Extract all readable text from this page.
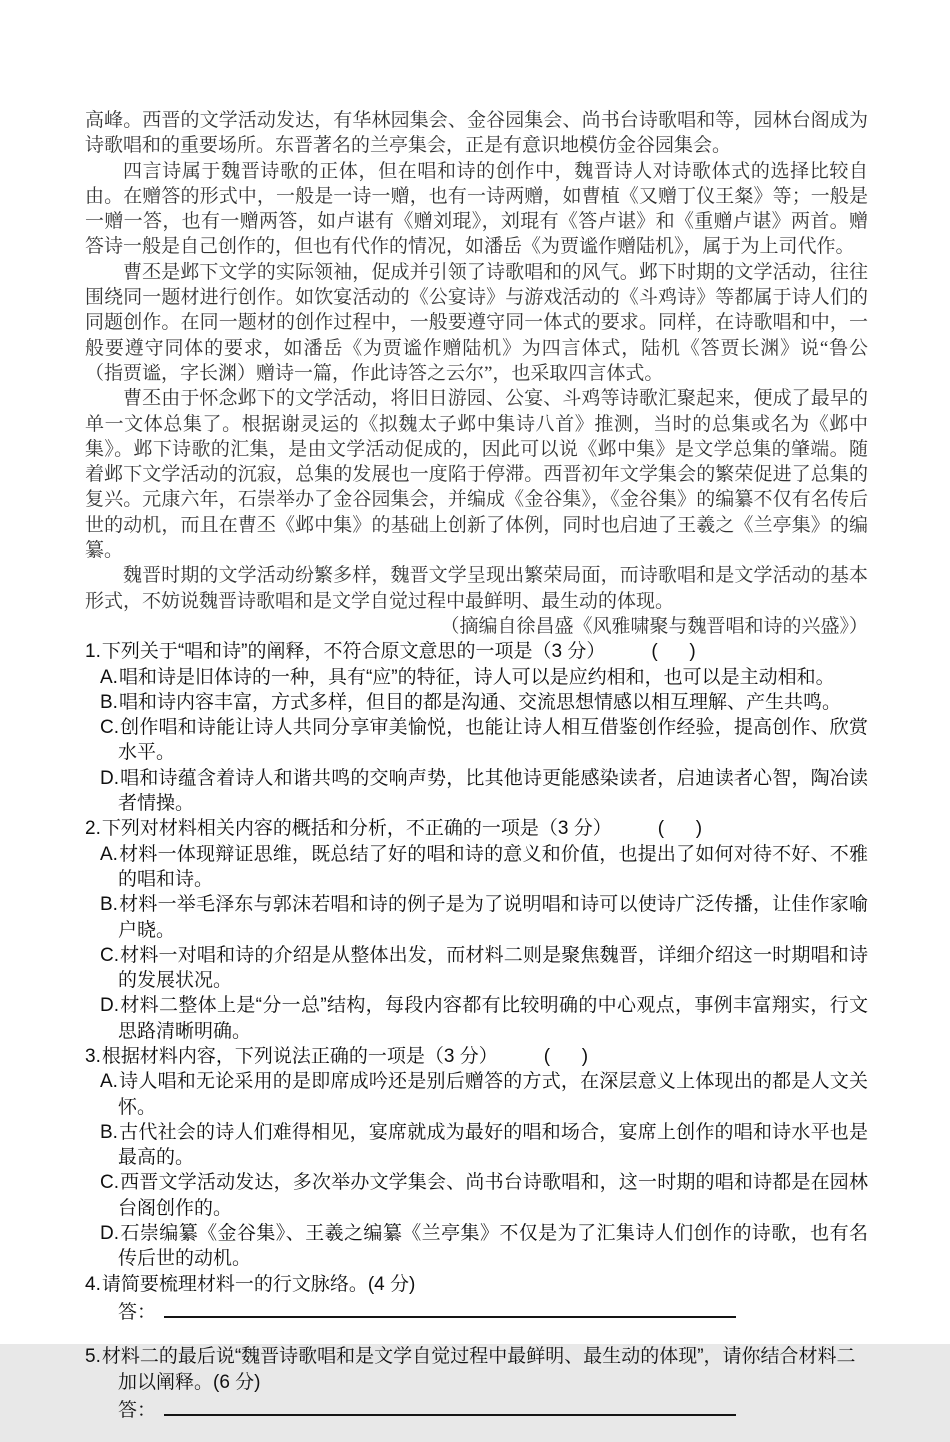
高峰。西晋的文学活动发达，有华林园集会、金谷园集会、尚书台诗歌唱和等，园林台阁成为诗歌唱和的重要场所。东晋著名的兰亭集会，正是有意识地模仿金谷园集会。

四言诗属于魏晋诗歌的正体，但在唱和诗的创作中，魏晋诗人对诗歌体式的选择比较自由。在赠答的形式中，一般是一诗一赠，也有一诗两赠，如曹植《又赠丁仪王粲》等；一般是一赠一答，也有一赠两答，如卢谌有《赠刘琨》，刘琨有《答卢谌》和《重赠卢谌》两首。赠答诗一般是自己创作的，但也有代作的情况，如潘岳《为贾谧作赠陆机》，属于为上司代作。

曹丕是邺下文学的实际领袖，促成并引领了诗歌唱和的风气。邺下时期的文学活动，往往围绕同一题材进行创作。如饮宴活动的《公宴诗》与游戏活动的《斗鸡诗》等都属于诗人们的同题创作。在同一题材的创作过程中，一般要遵守同一体式的要求。同样，在诗歌唱和中，一般要遵守同体的要求，如潘岳《为贾谧作赠陆机》为四言体式，陆机《答贾长渊》说“鲁公（指贾谧，字长渊）赠诗一篇，作此诗答之云尔”，也采取四言体式。

曹丕由于怀念邺下的文学活动，将旧日游园、公宴、斗鸡等诗歌汇聚起来，便成了最早的单一文体总集了。根据谢灵运的《拟魏太子邺中集诗八首》推测，当时的总集或名为《邺中集》。邺下诗歌的汇集，是由文学活动促成的，因此可以说《邺中集》是文学总集的肇端。随着邺下文学活动的沉寂，总集的发展也一度陷于停滞。西晋初年文学集会的繁荣促进了总集的复兴。元康六年，石崇举办了金谷园集会，并编成《金谷集》，《金谷集》的编纂不仅有名传后世的动机，而且在曹丕《邺中集》的基础上创新了体例，同时也启迪了王羲之《兰亭集》的编纂。

魏晋时期的文学活动纷繁多样，魏晋文学呈现出繁荣局面，而诗歌唱和是文学活动的基本形式，不妨说魏晋诗歌唱和是文学自觉过程中最鲜明、最生动的体现。

（摘编自徐昌盛《风雅啸聚与魏晋唱和诗的兴盛》）

1.下列关于“唱和诗”的阐释，不符合原文意思的一项是（3 分） (      )

A.唱和诗是旧体诗的一种，具有“应”的特征，诗人可以是应约相和，也可以是主动相和。

B.唱和诗内容丰富，方式多样，但目的都是沟通、交流思想情感以相互理解、产生共鸣。

C.创作唱和诗能让诗人共同分享审美愉悦，也能让诗人相互借鉴创作经验，提高创作、欣赏水平。

D.唱和诗蕴含着诗人和谐共鸣的交响声势，比其他诗更能感染读者，启迪读者心智，陶冶读者情操。

2.下列对材料相关内容的概括和分析，不正确的一项是（3 分） (      )

A.材料一体现辩证思维，既总结了好的唱和诗的意义和价值，也提出了如何对待不好、不雅的唱和诗。

B.材料一举毛泽东与郭沫若唱和诗的例子是为了说明唱和诗可以使诗广泛传播，让佳作家喻户晓。

C.材料一对唱和诗的介绍是从整体出发，而材料二则是聚焦魏晋，详细介绍这一时期唱和诗的发展状况。

D.材料二整体上是“分一总”结构，每段内容都有比较明确的中心观点，事例丰富翔实，行文思路清晰明确。

3.根据材料内容，下列说法正确的一项是（3 分） (      )

A.诗人唱和无论采用的是即席成吟还是别后赠答的方式，在深层意义上体现出的都是人文关怀。

B.古代社会的诗人们难得相见，宴席就成为最好的唱和场合，宴席上创作的唱和诗水平也是最高的。

C.西晋文学活动发达，多次举办文学集会、尚书台诗歌唱和，这一时期的唱和诗都是在园林台阁创作的。

D.石崇编纂《金谷集》、王羲之编纂《兰亭集》不仅是为了汇集诗人们创作的诗歌，也有名传后世的动机。

4.请简要梳理材料一的行文脉络。(4 分)

答：

5.材料二的最后说“魏晋诗歌唱和是文学自觉过程中最鲜明、最生动的体现”，请你结合材料二加以阐释。(6 分)

答：
